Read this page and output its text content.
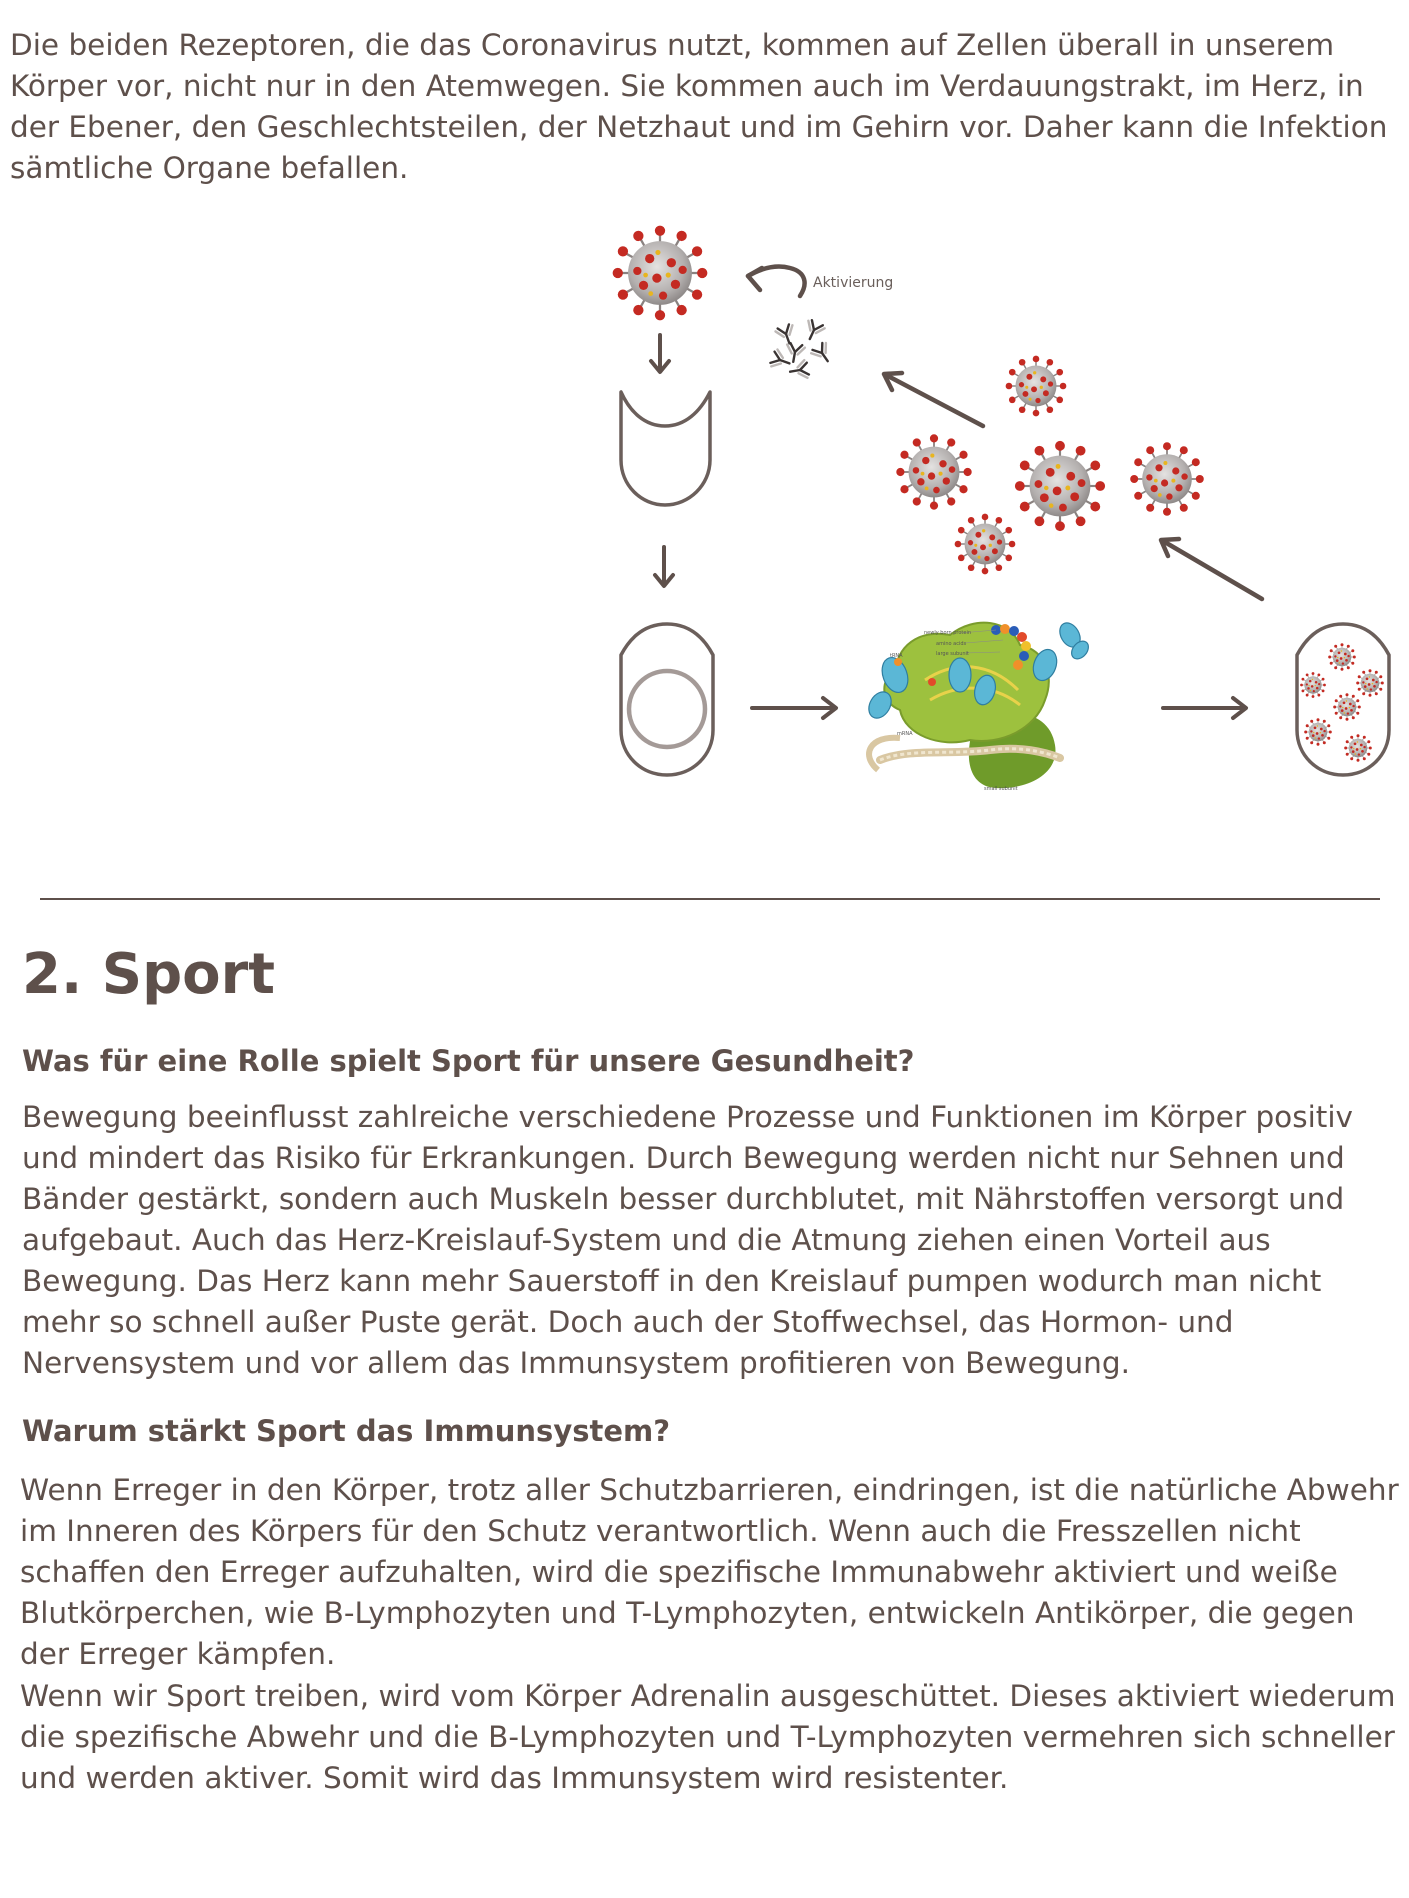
Die beiden Rezeptoren, die das Coronavirus nutzt, kommen auf Zellen überall in unserem Körper vor, nicht nur in den Atemwegen. Sie kommen auch im Verdauungstrakt, im Herz, in der Ebener, den Geschlechtsteilen, der Netzhaut und im Gehirn vor. Daher kann die Infektion sämtliche Organe befallen.

Aktivierung
newly born protein
amino acids
large subunit
tRNA
mRNA
small subunit
2. Sport
Was für eine Rolle spielt Sport für unsere Gesundheit?

Bewegung beeinflusst zahlreiche verschiedene Prozesse und Funktionen im Körper positiv und mindert das Risiko für Erkrankungen. Durch Bewegung werden nicht nur Sehnen und Bänder gestärkt, sondern auch Muskeln besser durchblutet, mit Nährstoffen versorgt und aufgebaut. Auch das Herz-Kreislauf-System und die Atmung ziehen einen Vorteil aus Bewegung. Das Herz kann mehr Sauerstoff in den Kreislauf pumpen wodurch man nicht mehr so schnell außer Puste gerät. Doch auch der Stoffwechsel, das Hormon- und Nervensystem und vor allem das Immunsystem profitieren von Bewegung.

Warum stärkt Sport das Immunsystem?

Wenn Erreger in den Körper, trotz aller Schutzbarrieren, eindringen, ist die natürliche Abwehr im Inneren des Körpers für den Schutz verantwortlich. Wenn auch die Fresszellen nicht schaffen den Erreger aufzuhalten, wird die spezifische Immunabwehr aktiviert und weiße Blutkörperchen, wie B-Lymphozyten und T-Lymphozyten, entwickeln Antikörper, die gegen der Erreger kämpfen.

Wenn wir Sport treiben, wird vom Körper Adrenalin ausgeschüttet. Dieses aktiviert wiederum die spezifische Abwehr und die B-Lymphozyten und T-Lymphozyten vermehren sich schneller und werden aktiver. Somit wird das Immunsystem wird resistenter.
